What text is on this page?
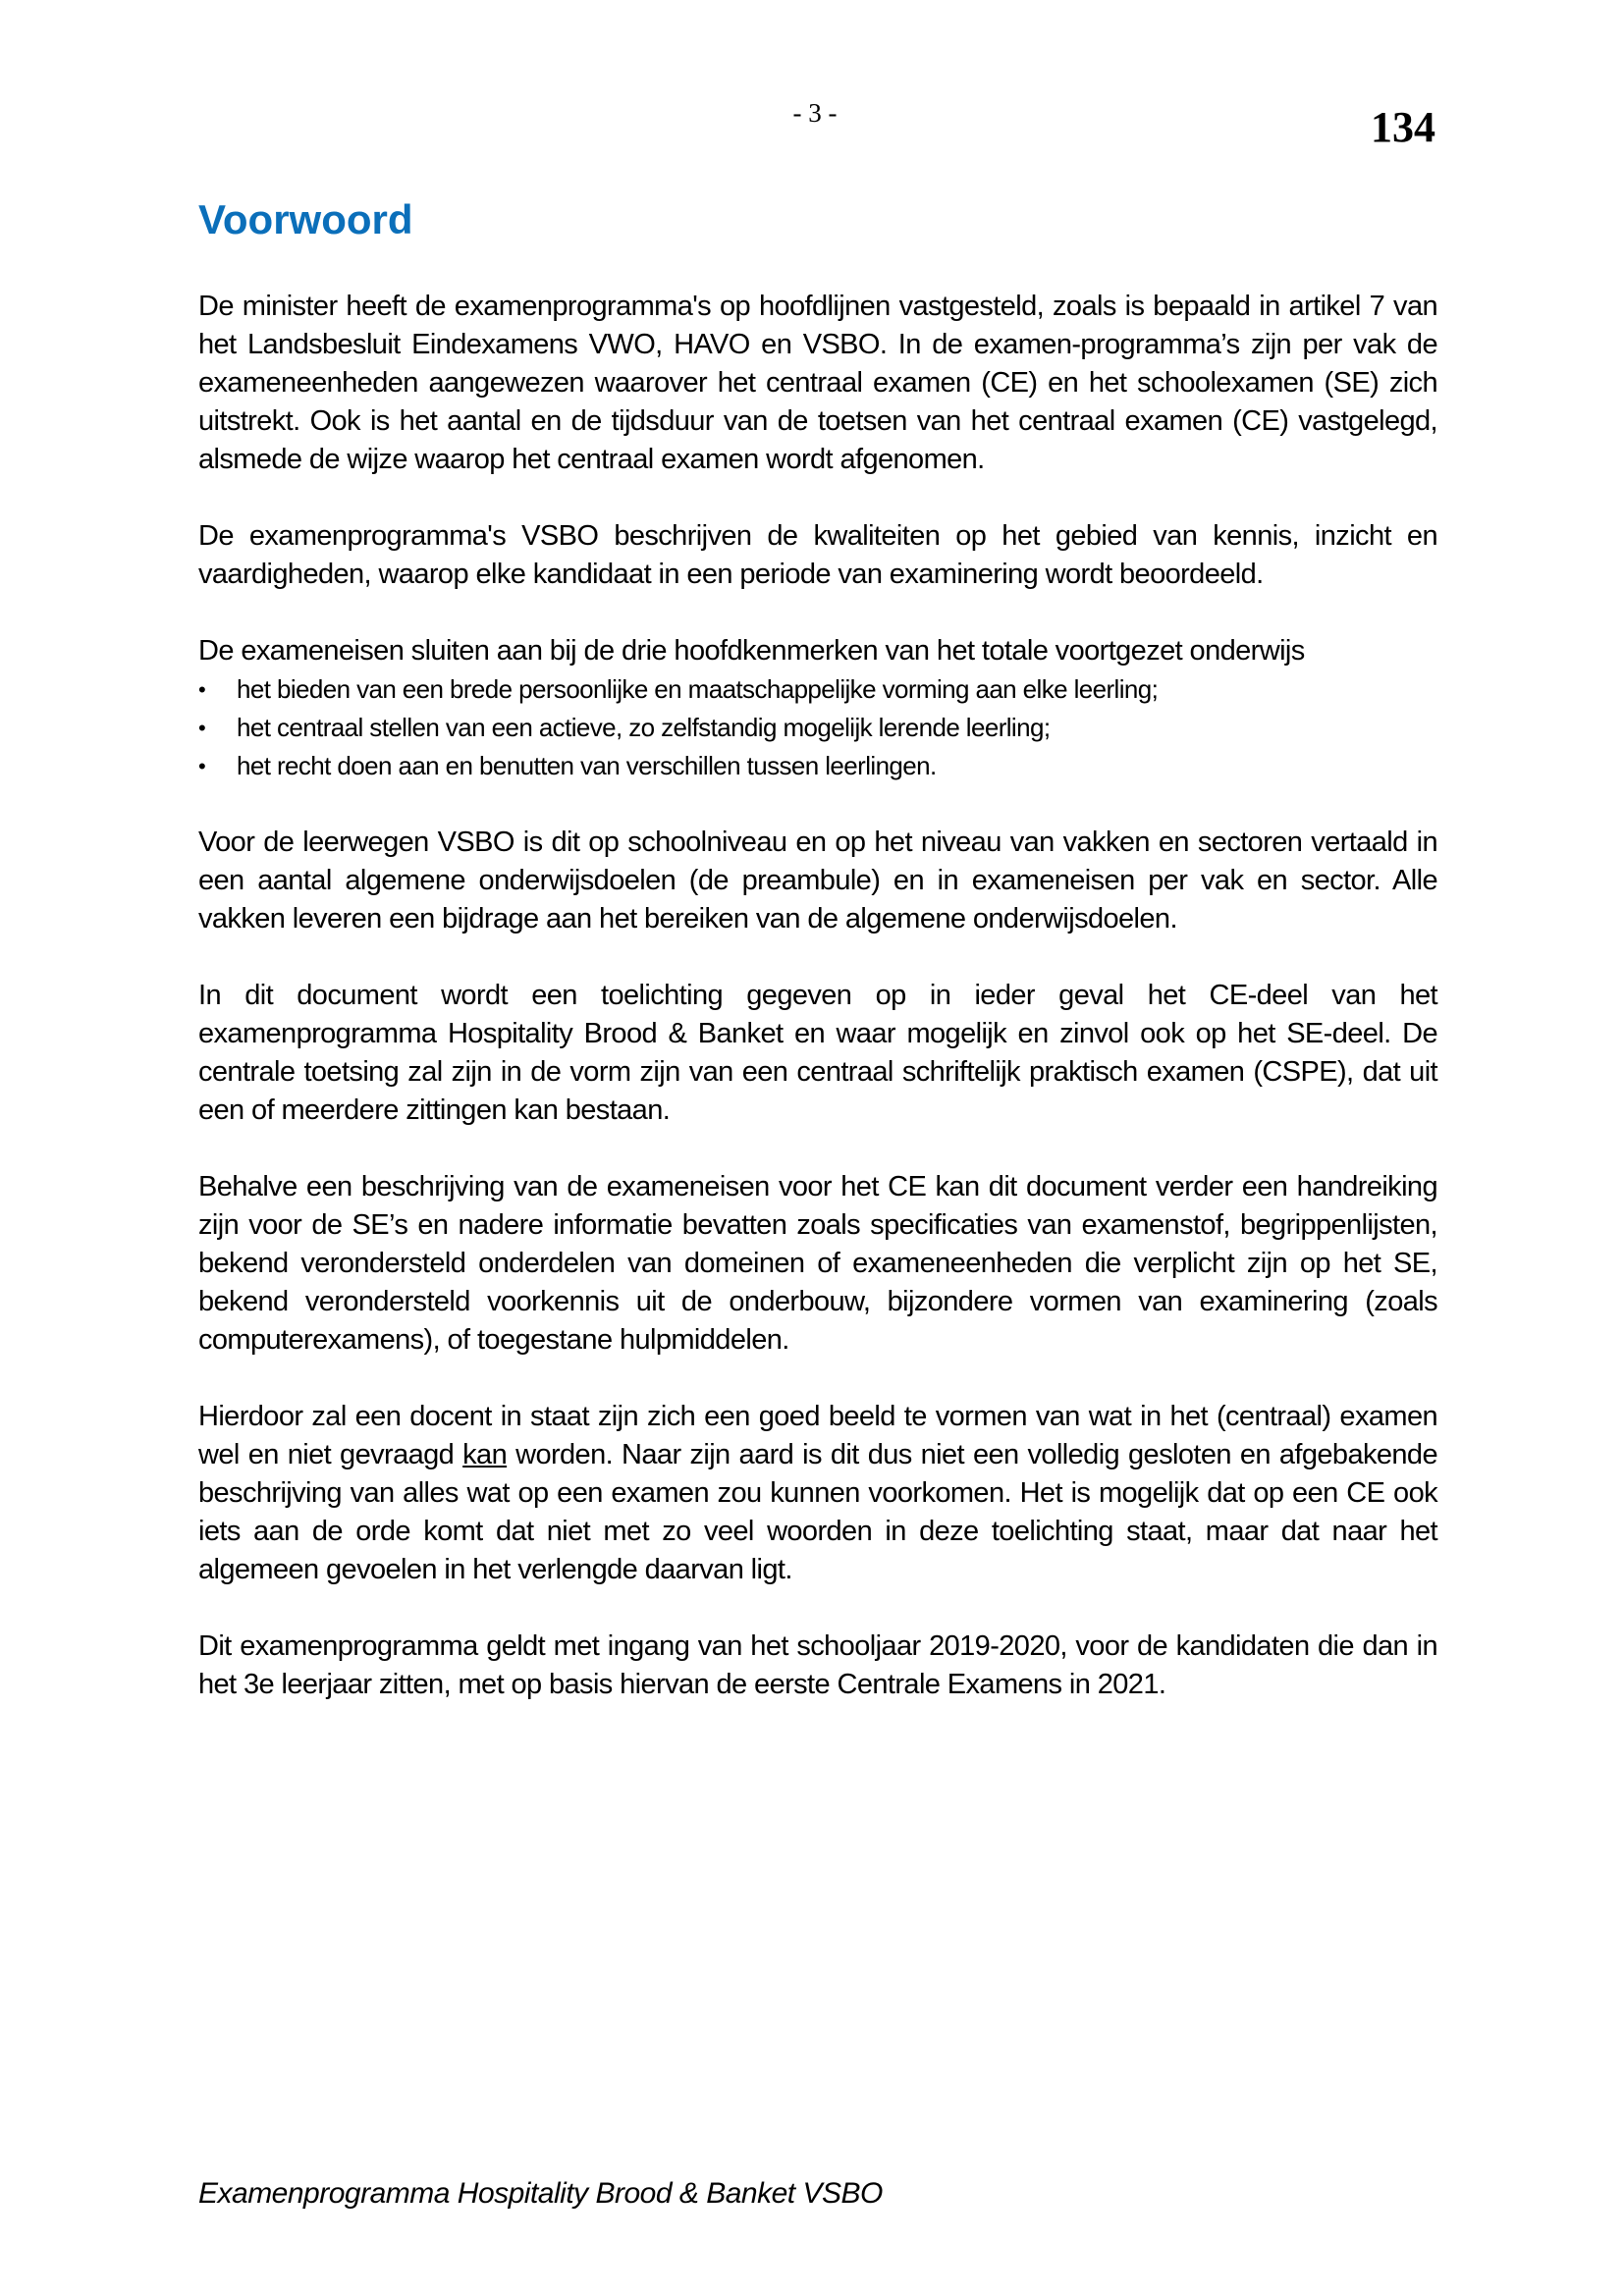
- 3 -	134
Voorwoord

De minister heeft de examenprogramma's op hoofdlijnen vastgesteld, zoals is bepaald in artikel 7 van het Landsbesluit Eindexamens VWO, HAVO en VSBO. In de examen-programma’s zijn per vak de exameneenheden aangewezen waarover het centraal examen (CE) en het schoolexamen (SE) zich uitstrekt. Ook is het aantal en de tijdsduur van de toetsen van het centraal examen (CE) vastgelegd, alsmede de wijze waarop het centraal examen wordt afgenomen.

De examenprogramma's VSBO beschrijven de kwaliteiten op het gebied van kennis, inzicht en vaardigheden, waarop elke kandidaat in een periode van examinering wordt beoordeeld.

De exameneisen sluiten aan bij de drie hoofdkenmerken van het totale voortgezet onderwijs

• het bieden van een brede persoonlijke en maatschappelijke vorming aan elke leerling;
• het centraal stellen van een actieve, zo zelfstandig mogelijk lerende leerling;
• het recht doen aan en benutten van verschillen tussen leerlingen.

Voor de leerwegen VSBO is dit op schoolniveau en op het niveau van vakken en sectoren vertaald in een aantal algemene onderwijsdoelen (de preambule) en in exameneisen per vak en sector. Alle vakken leveren een bijdrage aan het bereiken van de algemene onderwijsdoelen.

In dit document wordt een toelichting gegeven op in ieder geval het CE-deel van het examenprogramma Hospitality Brood & Banket en waar mogelijk en zinvol ook op het SE-deel. De centrale toetsing zal zijn in de vorm zijn van een centraal schriftelijk praktisch examen (CSPE), dat uit een of meerdere zittingen kan bestaan.

Behalve een beschrijving van de exameneisen voor het CE kan dit document verder een handreiking zijn voor de SE’s en nadere informatie bevatten zoals specificaties van examenstof, begrippenlijsten, bekend verondersteld onderdelen van domeinen of exameneenheden die verplicht zijn op het SE, bekend verondersteld voorkennis uit de onderbouw, bijzondere vormen van examinering (zoals computerexamens), of toegestane hulpmiddelen.

Hierdoor zal een docent in staat zijn zich een goed beeld te vormen van wat in het (centraal) examen wel en niet gevraagd kan worden. Naar zijn aard is dit dus niet een volledig gesloten en afgebakende beschrijving van alles wat op een examen zou kunnen voorkomen. Het is mogelijk dat op een CE ook iets aan de orde komt dat niet met zo veel woorden in deze toelichting staat, maar dat naar het algemeen gevoelen in het verlengde daarvan ligt.

Dit examenprogramma geldt met ingang van het schooljaar 2019-2020, voor de kandidaten die dan in het 3e leerjaar zitten, met op basis hiervan de eerste Centrale Examens in 2021.

Examenprogramma Hospitality Brood & Banket VSBO
